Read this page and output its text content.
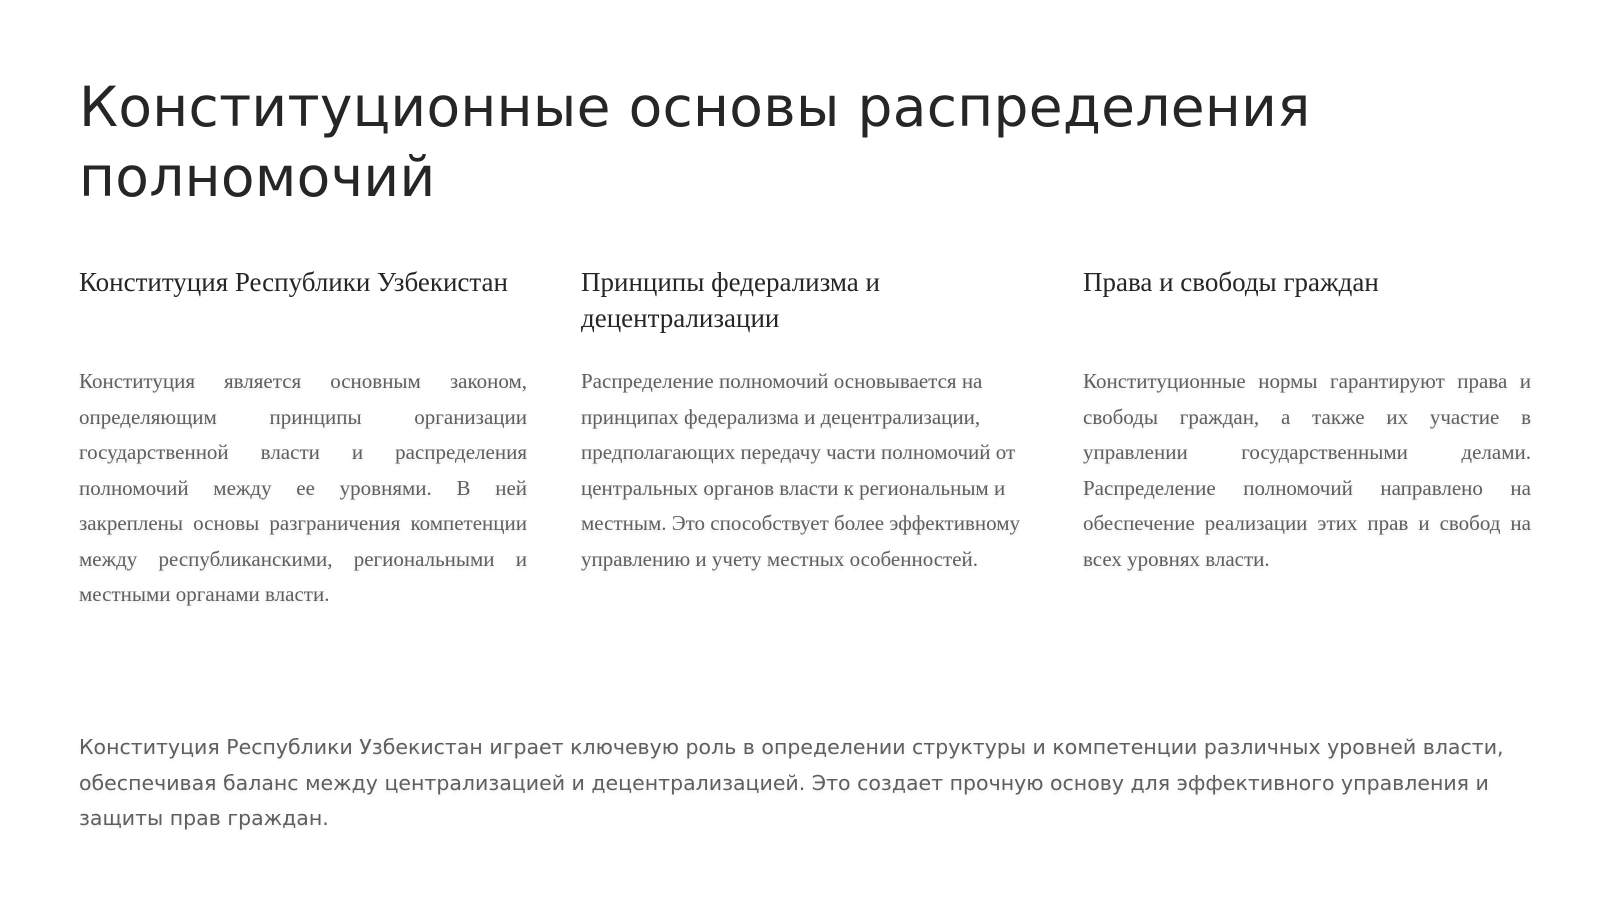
Конституционные основы распределения полномочий
Конституция Республики Узбекистан

Конституция является основным законом, определяющим принципы организации государственной власти и распределения полномочий между ее уровнями. В ней закреплены основы разграничения компетенции между республиканскими, региональными и местными органами власти.

Принципы федерализма и децентрализации

Распределение полномочий основывается на принципах федерализма и децентрализации, предполагающих передачу части полномочий от центральных органов власти к региональным и местным. Это способствует более эффективному управлению и учету местных особенностей.

Права и свободы граждан

Конституционные нормы гарантируют права и свободы граждан, а также их участие в управлении государственными делами. Распределение полномочий направлено на обеспечение реализации этих прав и свобод на всех уровнях власти.

Конституция Республики Узбекистан играет ключевую роль в определении структуры и компетенции различных уровней власти, обеспечивая баланс между централизацией и децентрализацией. Это создает прочную основу для эффективного управления и защиты прав граждан.
